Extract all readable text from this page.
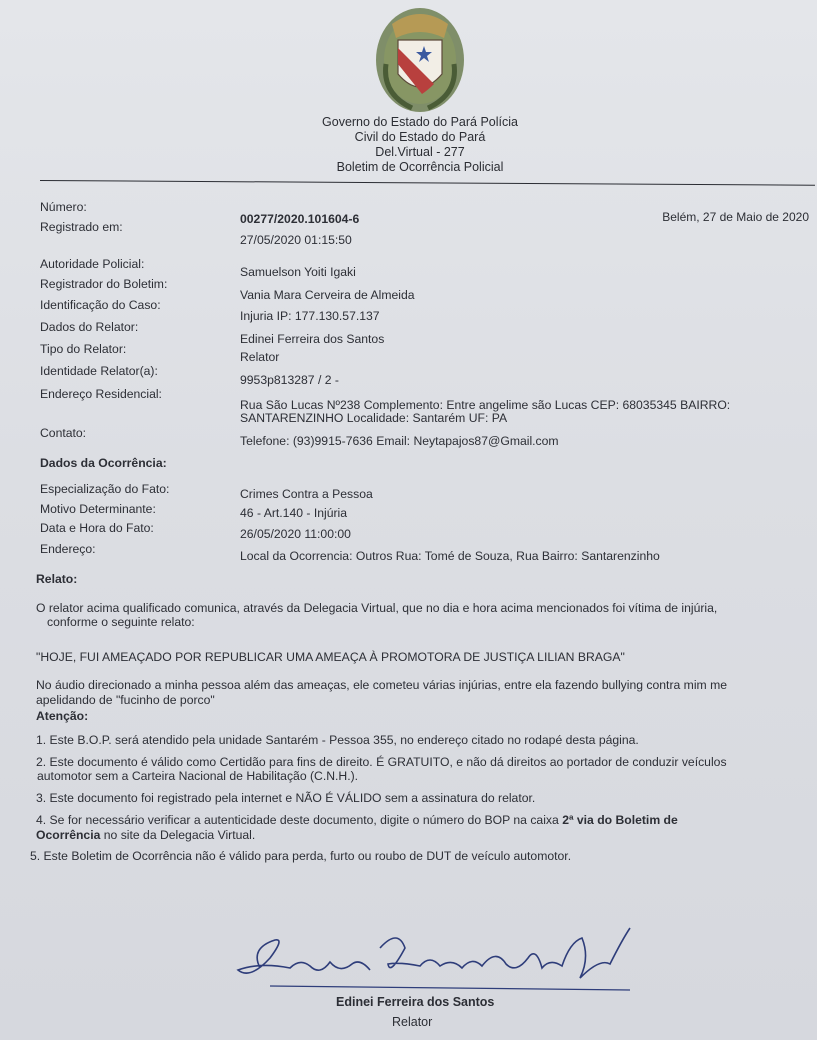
Governo do Estado do Pará Polícia
Civil do Estado do Pará
Del.Virtual - 277
Boletim de Ocorrência Policial
Belém, 27 de Maio de 2020
Número:
00277/2020.101604-6
Registrado em:
27/05/2020 01:15:50
Autoridade Policial:
Samuelson Yoiti Igaki
Registrador do Boletim:
Vania Mara Cerveira de Almeida
Identificação do Caso:
Injuria IP: 177.130.57.137
Dados do Relator:
Edinei Ferreira dos Santos
Tipo do Relator:
Relator
Identidade Relator(a):
9953p813287 / 2 -
Endereço Residencial:
Rua São Lucas Nº238 Complemento: Entre angelime são Lucas CEP: 68035345 BAIRRO:
SANTARENZINHO Localidade: Santarém UF: PA
Contato:
Telefone: (93)9915-7636 Email: Neytapajos87@Gmail.com
Dados da Ocorrência:
Especialização do Fato:	Crimes Contra a Pessoa
Motivo Determinante:	46 - Art.140 - Injúria
Data e Hora do Fato:	26/05/2020 11:00:00
Endereço:	Local da Ocorrencia: Outros Rua: Tomé de Souza, Rua Bairro: Santarenzinho
Relato:
O relator acima qualificado comunica, através da Delegacia Virtual, que no dia e hora acima mencionados foi vítima de injúria,
conforme o seguinte relato:
"HOJE, FUI AMEAÇADO POR REPUBLICAR UMA AMEAÇA À PROMOTORA DE JUSTIÇA LILIAN BRAGA"
No áudio direcionado a minha pessoa além das ameaças, ele cometeu várias injúrias, entre ela fazendo bullying contra mim me
apelidando de "fucinho de porco"
Atenção:
1. Este B.O.P. será atendido pela unidade Santarém - Pessoa 355, no endereço citado no rodapé desta página.
2. Este documento é válido como Certidão para fins de direito. É GRATUITO, e não dá direitos ao portador de conduzir veículos
automotor sem a Carteira Nacional de Habilitação (C.N.H.).
3. Este documento foi registrado pela internet e NÃO É VÁLIDO sem a assinatura do relator.
4. Se for necessário verificar a autenticidade deste documento, digite o número do BOP na caixa 2ª via do Boletim de
Ocorrência no site da Delegacia Virtual.
5. Este Boletim de Ocorrência não é válido para perda, furto ou roubo de DUT de veículo automotor.
Edinei Ferreira dos Santos
Relator
